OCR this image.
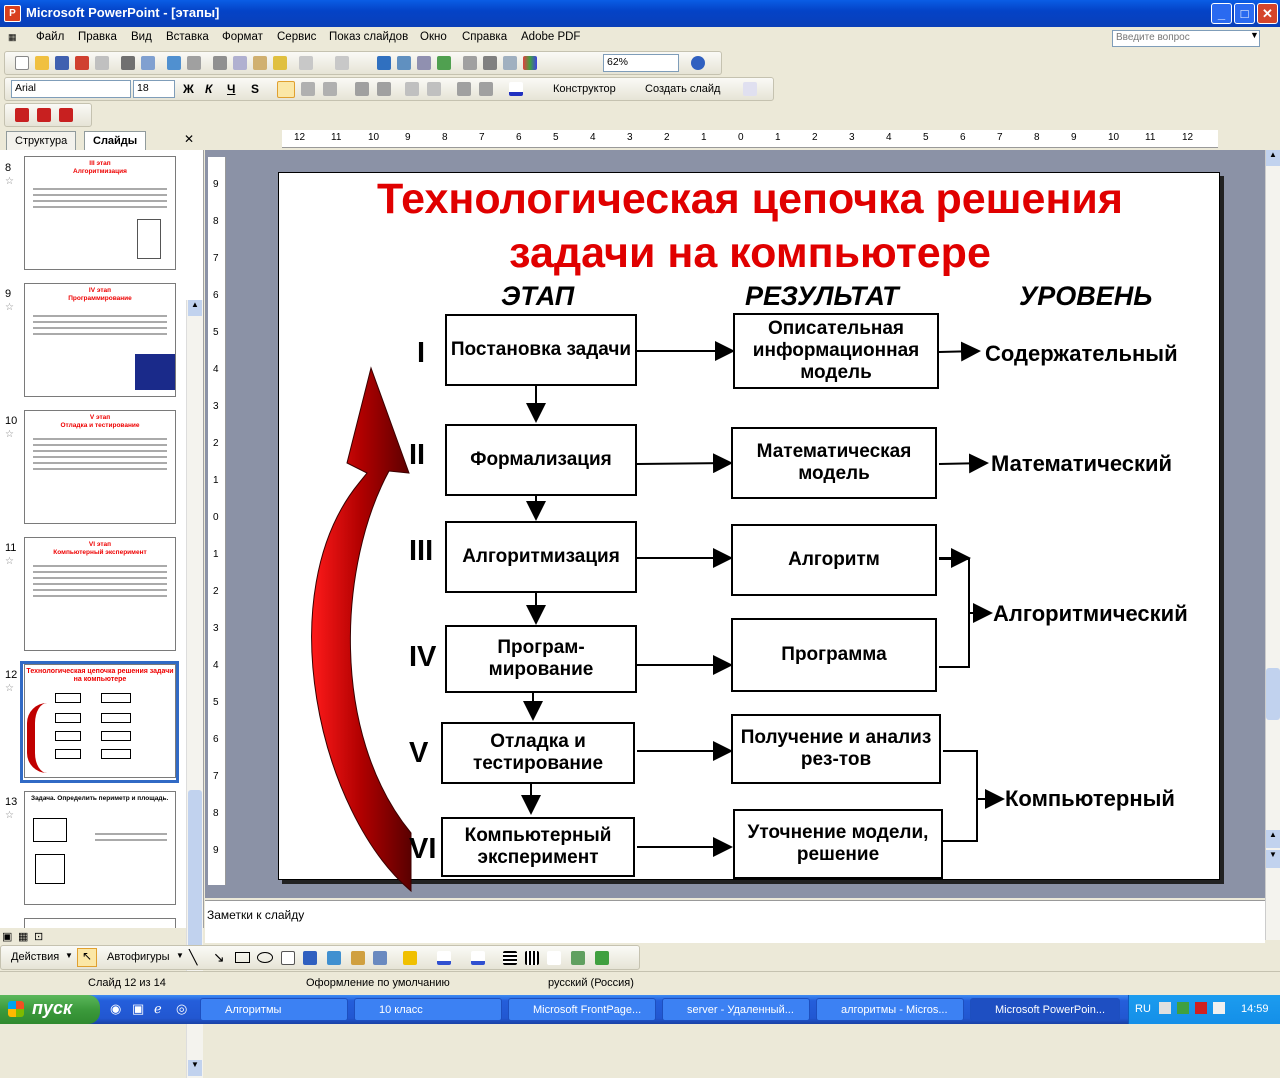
P Microsoft PowerPoint - [этапы]	_	□	✕
▦ Файл Правка Вид Вставка Формат Сервис Показ слайдов Окно Справка Adobe PDF	Введите вопрос	▼
62%
Arial	18	Ж К Ч S	Конструктор	Создать слайд
Структура	Слайды	✕
8
☆
III этап
Алгоритмизация
9
☆
IV этап
Программирование
10
☆
V этап
Отладка и тестирование
11
☆
VI этап
Компьютерный эксперимент
12
☆
Технологическая цепочка решения задачи на компьютере
13
☆
Задача. Определить периметр и площадь.
▲
▼
12	11	10	9	8	7	6	5	4	3	2	1	0	1	2	3	4	5	6	7	8	9	10	11	12
9
8
7
6
5
4
3
2
1
0
1
2
3
4
5
6
7
8
9
Технологическая цепочка решения
задачи на компьютере
ЭТАП	РЕЗУЛЬТАТ	УРОВЕНЬ
I
II
III
IV
V
VI
Постановка задачи
Формализация
Алгоритмизация
Програм-мирование
Отладка и тестирование
Компьютерный эксперимент
Описательная информационная модель
Математическая модель
Алгоритм
Программа
Получение и анализ рез-тов
Уточнение модели, решение
Содержательный
Математический
Алгоритмический
Компьютерный
▲
▲
▼
Заметки к слайду
▣ ▦ ⊡
Действия ▼ ↖	Автофигуры ▼ ╲ ↘
Слайд 12 из 14	Оформление по умолчанию	русский (Россия)
пуск	◉ ▣ ℯ ◎	Алгоритмы	10 класс	Microsoft FrontPage...	server - Удаленный...	алгоритмы - Micros...	Microsoft PowerPoin...	RU	14:59
